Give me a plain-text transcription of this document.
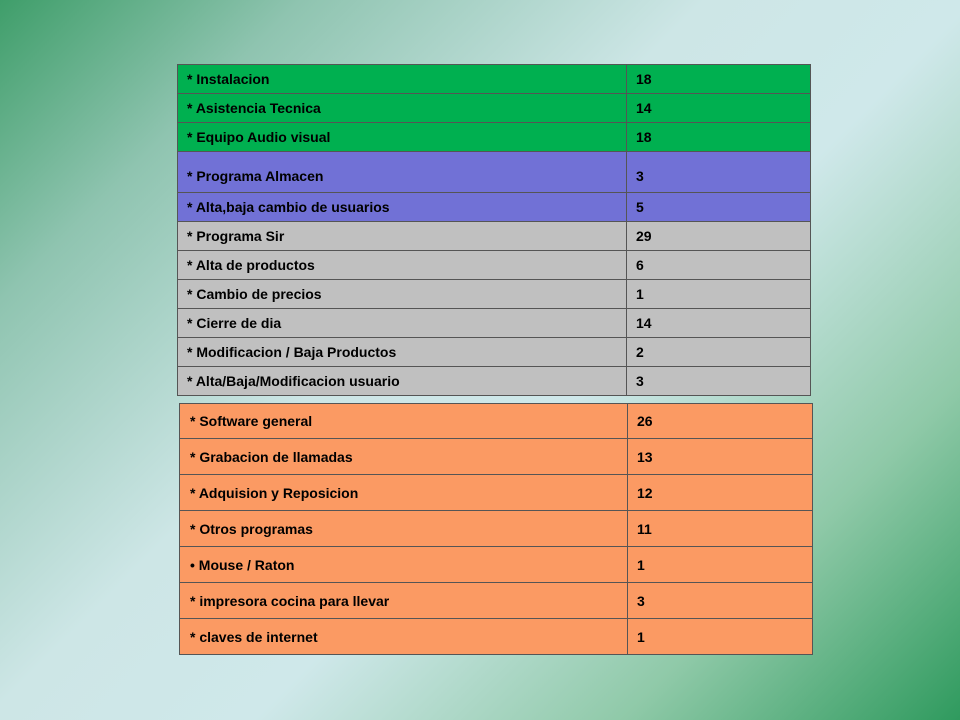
* Instalacion	18
* Asistencia Tecnica	14
* Equipo Audio visual	18
* Programa Almacen	3
* Alta,baja cambio de usuarios	5
* Programa Sir	29
* Alta de productos	6
* Cambio de precios	1
* Cierre de dia	14
* Modificacion / Baja Productos	2
* Alta/Baja/Modificacion usuario	3
* Software general	26
* Grabacion de llamadas	13
* Adquision y Reposicion	12
* Otros programas	11
• Mouse / Raton	1
* impresora cocina para llevar	3
* claves de internet	1
